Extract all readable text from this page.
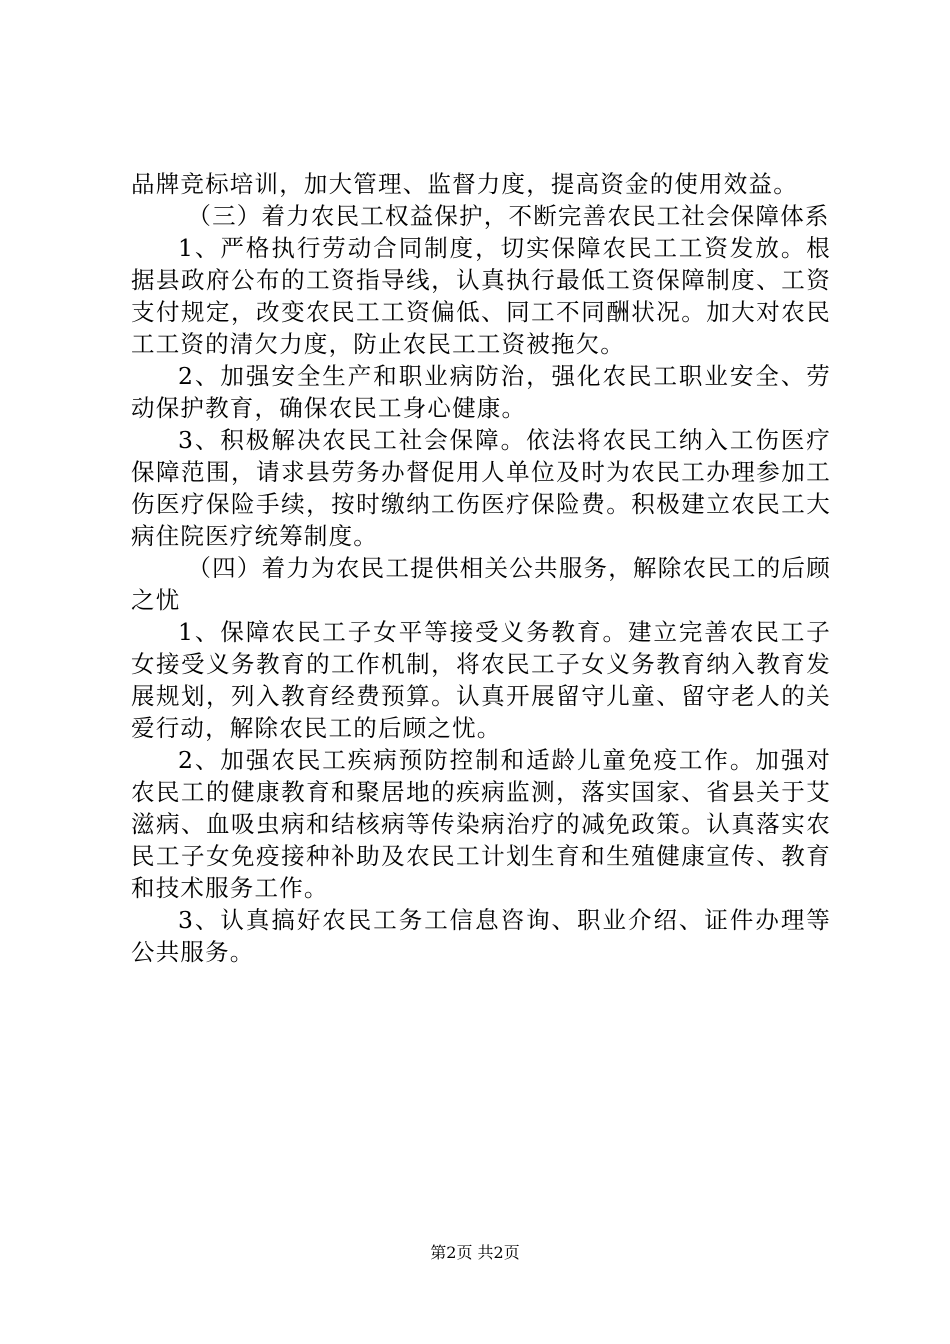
品牌竞标培训，加大管理、监督力度，提高资金的使用效益。

（三）着力农民工权益保护，不断完善农民工社会保障体系

1、严格执行劳动合同制度，切实保障农民工工资发放。根据县政府公布的工资指导线，认真执行最低工资保障制度、工资支付规定，改变农民工工资偏低、同工不同酬状况。加大对农民工工资的清欠力度，防止农民工工资被拖欠。

2、加强安全生产和职业病防治，强化农民工职业安全、劳动保护教育，确保农民工身心健康。

3、积极解决农民工社会保障。依法将农民工纳入工伤医疗保障范围，请求县劳务办督促用人单位及时为农民工办理参加工伤医疗保险手续，按时缴纳工伤医疗保险费。积极建立农民工大病住院医疗统筹制度。

（四）着力为农民工提供相关公共服务，解除农民工的后顾之忧

1、保障农民工子女平等接受义务教育。建立完善农民工子女接受义务教育的工作机制，将农民工子女义务教育纳入教育发展规划，列入教育经费预算。认真开展留守儿童、留守老人的关爱行动，解除农民工的后顾之忧。

2、加强农民工疾病预防控制和适龄儿童免疫工作。加强对农民工的健康教育和聚居地的疾病监测，落实国家、省县关于艾滋病、血吸虫病和结核病等传染病治疗的减免政策。认真落实农民工子女免疫接种补助及农民工计划生育和生殖健康宣传、教育和技术服务工作。

3、认真搞好农民工务工信息咨询、职业介绍、证件办理等公共服务。

第2页 共2页
